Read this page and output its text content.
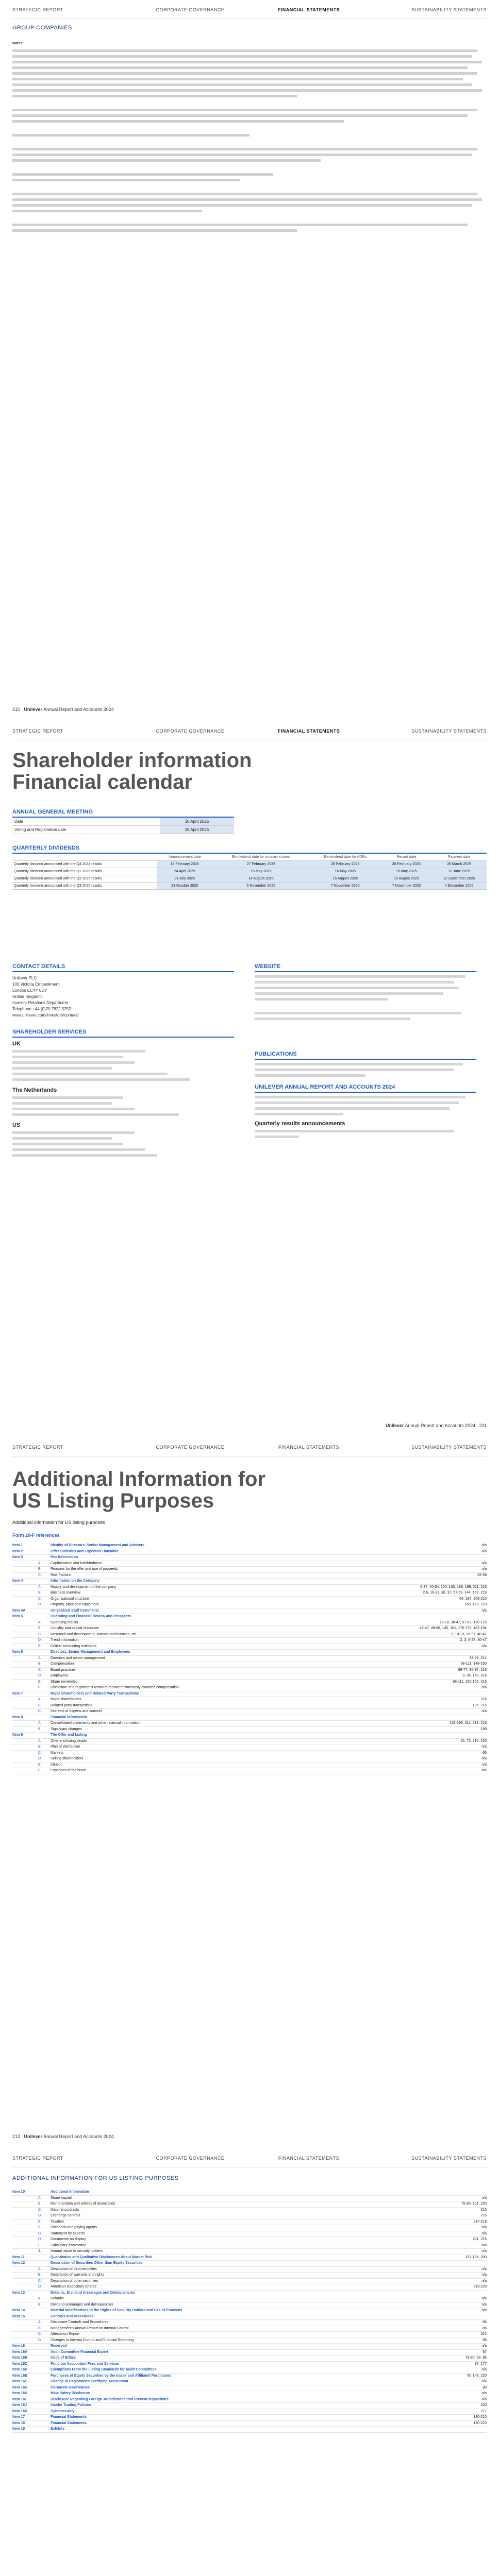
STRATEGIC REPORT	CORPORATE GOVERNANCE	FINANCIAL STATEMENTS	SUSTAINABILITY STATEMENTS
GROUP COMPANIES
Notes:
210 Unilever Annual Report and Accounts 2024
STRATEGIC REPORT	CORPORATE GOVERNANCE	FINANCIAL STATEMENTS	SUSTAINABILITY STATEMENTS
Shareholder information
Financial calendar
ANNUAL GENERAL MEETING
Date	30 April 2025
Voting and Registration date	28 April 2025
QUARTERLY DIVIDENDS
	Announcement date	Ex-dividend date for ordinary shares	Ex-dividend date for ADRs	Record date	Payment date
Quarterly dividend announced with the Q4 2024 results	13 February 2025	27 February 2025	28 February 2025	28 February 2025	26 March 2025
Quarterly dividend announced with the Q1 2025 results	24 April 2025	15 May 2025	16 May 2025	16 May 2025	12 June 2025
Quarterly dividend announced with the Q2 2025 results	31 July 2025	14 August 2025	15 August 2025	15 August 2025	12 September 2025
Quarterly dividend announced with the Q3 2025 results	23 October 2025	6 November 2025	7 November 2025	7 November 2025	4 December 2025
CONTACT DETAILS
Unilever PLC
100 Victoria Embankment
London EC4Y 0DY
United Kingdom
Investor Relations Department
Telephone +44 (0)20 7822 5252
www.unilever.com/investors/contact/
SHAREHOLDER SERVICES
UK
The Netherlands
US
WEBSITE
PUBLICATIONS
UNILEVER ANNUAL REPORT AND ACCOUNTS 2024
Quarterly results announcements
Unilever Annual Report and Accounts 2024 211
STRATEGIC REPORT	CORPORATE GOVERNANCE	FINANCIAL STATEMENTS	SUSTAINABILITY STATEMENTS
Additional Information for
US Listing Purposes
Additional information for US listing purposes
Form 20-F references
Item 1	Identity of Directors, Senior Management and Advisers	n/a
Item 2	Offer Statistics and Expected Timetable	n/a
Item 3	Key Information
A.	Capitalisation and indebtedness	n/a
B.	Reasons for the offer and use of proceeds	n/a
C.	Risk Factors	52-59
Item 4	Information on the Company
A.	History and development of the company	6-37, 40-54, 150, 163, 189, 199, 211, 216
B.	Business overview	2-5, 10-33, 36, 37, 57-59, 144, 159, 218
C.	Organisational structure	64, 197, 206-210
D.	Property, plant and equipment	168, 169, 218
Item 4A	Unresolved Staff Comments	n/a
Item 5	Operating and Financial Review and Prospects
A.	Operating results	15-18, 38-47, 57-59, 170-176
B.	Liquidity and capital resources	46-47, 48-50, 145, 161, 170-176, 182-194
C.	Research and development, patents and licences, etc.	2, 10-13, 36-37, 40-47
D.	Trend information	2, 3, 6-33, 40-47
E.	Critical accounting estimates	n/a
Item 6	Directors, Senior Management and Employees
A.	Directors and senior management	68-69, 214
B.	Compensation	98-111, 148-150
C.	Board practices	68-77, 96-97, 216
D.	Employees	3, 36, 149, 216
E.	Share ownership	98-111, 150-156, 216
F.	Disclosure of a registrant's action to recover erroneously awarded compensation	n/a
Item 7	Major Shareholders and Related Party Transactions
A.	Major shareholders	216
B.	Related party transactions	196, 216
C.	Interests of experts and counsel	n/a
Item 8	Financial Information
A.	Consolidated statements and other financial information	131-199, 211, 213, 216
B.	Significant changes	199
Item 9	The Offer and Listing
A.	Offer and listing details	65, 75, 216, 220
B.	Plan of distribution	n/a
C.	Markets	65
D.	Selling shareholders	n/a
E.	Dilution	n/a
F.	Expenses of the issue	n/a
212 Unilever Annual Report and Accounts 2024
STRATEGIC REPORT	CORPORATE GOVERNANCE	FINANCIAL STATEMENTS	SUSTAINABILITY STATEMENTS
ADDITIONAL INFORMATION FOR US LISTING PURPOSES
Item 10	Additional Information
A.	Share capital	n/a
B.	Memorandum and articles of association	75-80, 101, 220
C.	Material contracts	216
D.	Exchange controls	216
E.	Taxation	217-219
F.	Dividends and paying agents	n/a
G.	Statement by experts	n/a
H.	Documents on display	211, 216
I.	Subsidiary information	n/a
J.	Annual report to security holders	n/a
Item 11	Quantitative and Qualitative Disclosures About Market Risk	187-194, 200
Item 12	Description of Securities Other than Equity Securities
A.	Description of debt securities	n/a
B.	Description of warrants and rights	n/a
C.	Description of other securities	n/a
D.	American Depositary Shares	219-220
Item 13	Defaults, Dividend Arrearages and Delinquencies
A.	Defaults	n/a
B.	Dividend arrearages and delinquencies	n/a
Item 14	Material Modifications to the Rights of Security Holders and Use of Proceeds	n/a
Item 15	Controls and Procedures
A.	Disclosure Controls and Procedures	86
B.	Management's Annual Report on Internal Control	86
C.	Attestation Report	221
D.	Changes in Internal Control and Financial Reporting	86
Item 16	Reserved	n/a
Item 16A	Audit Committee Financial Expert	87
Item 16B	Code of Ethics	79-80, 93, 95
Item 16C	Principal Accountant Fees and Services	87, 177
Item 16D	Exemptions From the Listing Standards for Audit Committees	n/a
Item 16E	Purchases of Equity Securities by the Issuer and Affiliated Purchasers	78, 148, 220
Item 16F	Change in Registrant's Certifying Accountant	n/a
Item 16G	Corporate Governance	80
Item 16H	Mine Safety Disclosure	n/a
Item 16I	Disclosure Regarding Foreign Jurisdictions that Prevent Inspections	n/a
Item 16J	Insider Trading Policies	220
Item 16K	Cybersecurity	217
Item 17	Financial Statements	130-210
Item 18	Financial Statements	130-210
Item 19	Exhibits
